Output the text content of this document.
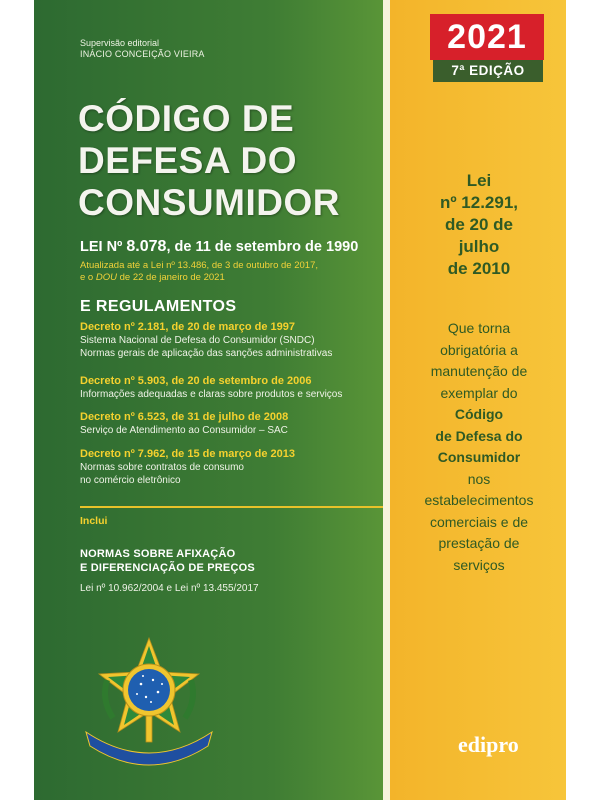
Supervisão editorial
INÁCIO CONCEIÇÃO VIEIRA
CÓDIGO DE
DEFESA DO
CONSUMIDOR
LEI Nº 8.078, de 11 de setembro de 1990
Atualizada até a Lei nº 13.486, de 3 de outubro de 2017,
e o DOU de 22 de janeiro de 2021
E REGULAMENTOS
Decreto nº 2.181, de 20 de março de 1997
Sistema Nacional de Defesa do Consumidor (SNDC)
Normas gerais de aplicação das sanções administrativas
Decreto nº 5.903, de 20 de setembro de 2006
Informações adequadas e claras sobre produtos e serviços
Decreto nº 6.523, de 31 de julho de 2008
Serviço de Atendimento ao Consumidor – SAC
Decreto nº 7.962, de 15 de março de 2013
Normas sobre contratos de consumo
no comércio eletrônico
Inclui
NORMAS SOBRE AFIXAÇÃO
E DIFERENCIAÇÃO DE PREÇOS
Lei nº 10.962/2004 e Lei nº 13.455/2017
2021
7ª EDIÇÃO
Lei
nº 12.291,
de 20 de
julho
de 2010
Que torna
obrigatória a
manutenção de
exemplar do
Código
de Defesa do
Consumidor
nos
estabelecimentos
comerciais e de
prestação de
serviços
edipro
